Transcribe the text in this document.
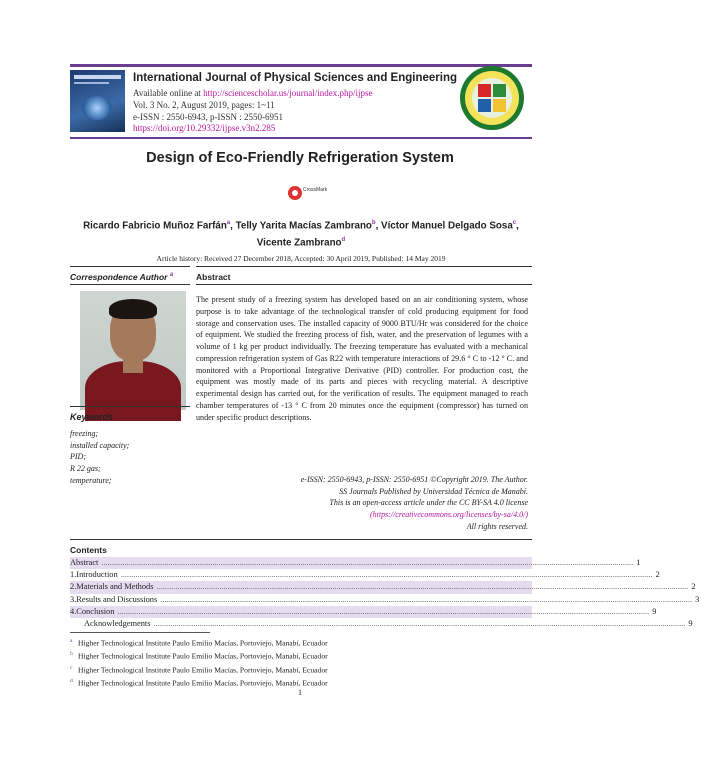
International Journal of Physical Sciences and Engineering
Available online at http://sciencescholar.us/journal/index.php/ijpse
Vol. 3 No. 2, August 2019, pages: 1~11
e-ISSN : 2550-6943, p-ISSN : 2550-6951
https://doi.org/10.29332/ijpse.v3n2.285
Design of Eco-Friendly Refrigeration System
CrossMark
Ricardo Fabricio Muñoz Farfán$^a$, Telly Yarita Macías Zambrano$^b$, Víctor Manuel Delgado Sosa$^c$,
Vicente Zambrano$^d$
Article history: Received 27 December 2018, Accepted: 30 April 2019, Published: 14 May 2019
Correspondence Author $^a$	Abstract
Keywords
freezing;
installed capacity;
PID;
R 22 gas;
temperature;
The present study of a freezing system has developed based on an air conditioning system, whose purpose is to take advantage of the technological transfer of cold producing equipment for food storage and conservation uses. The installed capacity of 9000 BTU/Hr was considered for the choice of equipment. We studied the freezing process of fish, water, and the preservation of legumes with a volume of 1 kg per product individually. The freezing temperature has evaluated with a mechanical compression refrigeration system of Gas R22 with temperature interactions of 29.6 ° C to -12 ° C. and monitored with a Proportional Integrative Derivative (PID) controller. For production cost, the equipment was mostly made of its parts and pieces with recycling material. A descriptive experimental design has carried out, for the verification of results. The equipment managed to reach chamber temperatures of -13 ° C from 20 minutes once the equipment (compressor) has turned on under specific product descriptions.
e-ISSN: 2550-6943, p-ISSN: 2550-6951 ©Copyright 2019. The Author.
SS Journals Published by Universidad Técnica de Manabí.
This is an open-access article under the CC BY-SA 4.0 license
(https://creativecommons.org/licenses/by-sa/4.0/)
All rights reserved.
Contents
Abstract .............................................................................................................................................................................................................................................................. 1
1. Introduction .............................................................................................................................................................................................................................................................. 2
2. Materials and Methods .............................................................................................................................................................................................................................................................. 2
3. Results and Discussions .............................................................................................................................................................................................................................................................. 3
4. Conclusion .............................................................................................................................................................................................................................................................. 9
Acknowledgements .............................................................................................................................................................................................................................................................. 9
$^a$ Higher Technological Institute Paulo Emilio Macías, Portoviejo, Manabí, Ecuador
$^b$ Higher Technological Institute Paulo Emilio Macías, Portoviejo, Manabí, Ecuador
$^c$ Higher Technological Institute Paulo Emilio Macías, Portoviejo, Manabí, Ecuador
$^d$ Higher Technological Institute Paulo Emilio Macías, Portoviejo, Manabí, Ecuador
1
